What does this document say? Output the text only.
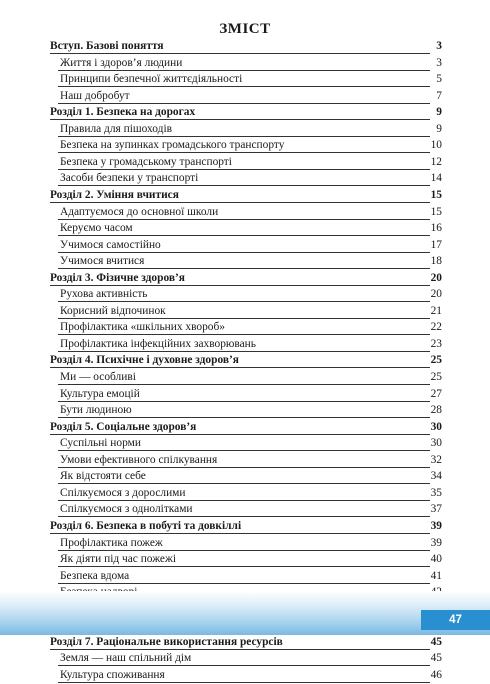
ЗМІСТ
Вступ. Базові поняття	3
Життя і здоров’я людини	3
Принципи безпечної життєдіяльності	5
Наш добробут	7
Розділ 1. Безпека на дорогах	9
Правила для пішоходів	9
Безпека на зупинках громадського транспорту	10
Безпека у громадському транспорті	12
Засоби безпеки у транспорті	14
Розділ 2. Уміння вчитися	15
Адаптуємося до основної школи	15
Керуємо часом	16
Учимося самостійно	17
Учимося вчитися	18
Розділ 3. Фізичне здоров’я	20
Рухова активність	20
Корисний відпочинок	21
Профілактика «шкільних хвороб»	22
Профілактика інфекційних захворювань	23
Розділ 4. Психічне і духовне здоров’я	25
Ми — особливі	25
Культура емоцій	27
Бути людиною	28
Розділ 5. Соціальне здоров’я	30
Суспільні норми	30
Умови ефективного спілкування	32
Як відстояти себе	34
Спілкуємося з дорослими	35
Спілкуємося з однолітками	37
Розділ 6. Безпека в побуті та довкіллі	39
Профілактика пожеж	39
Як діяти під час пожежі	40
Безпека вдома	41
Розділ 7. Раціональне використання ресурсів	45
Земля — наш спільний дім	45
Культура споживання	46
47
